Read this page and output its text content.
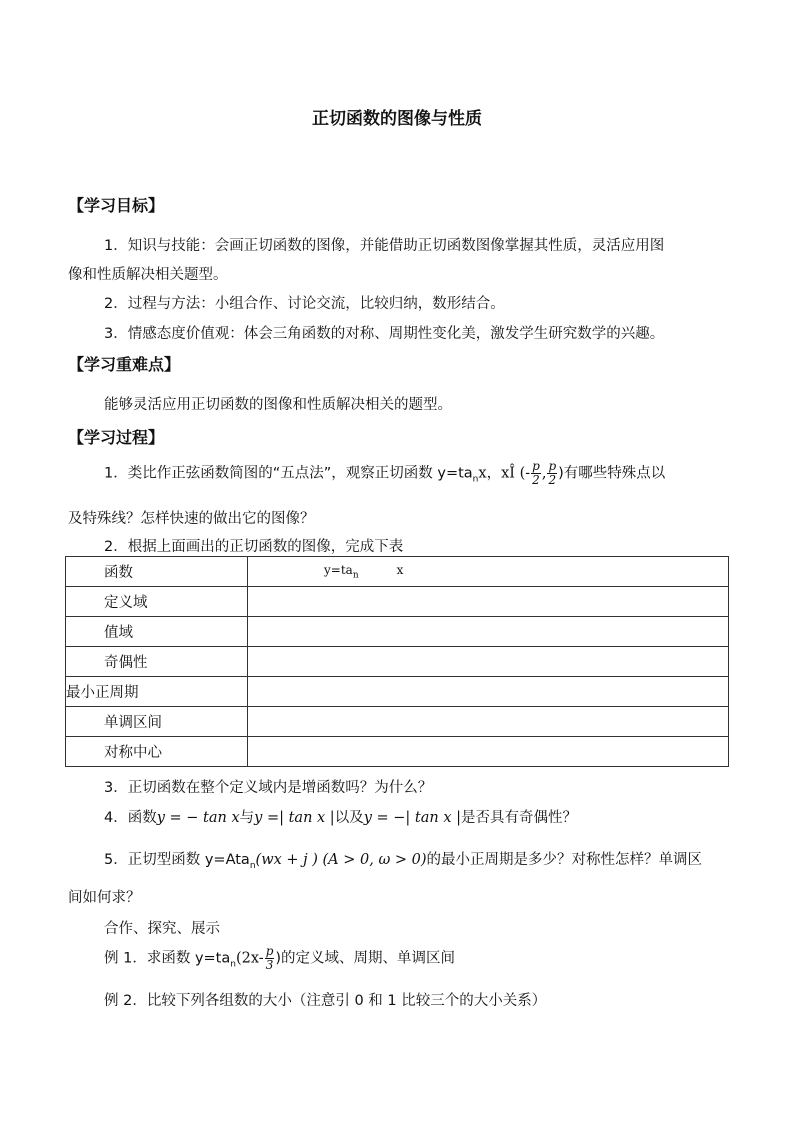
正切函数的图像与性质
【学习目标】
1．知识与技能：会画正切函数的图像，并能借助正切函数图像掌握其性质，灵活应用图
像和性质解决相关题型。
2．过程与方法：小组合作、讨论交流，比较归纳，数形结合。
3．情感态度价值观：体会三角函数的对称、周期性变化美，激发学生研究数学的兴趣。
【学习重难点】
能够灵活应用正切函数的图像和性质解决相关的题型。
【学习过程】
1．类比作正弦函数简图的“五点法”，观察正切函数 $y=ta_nx$，xÎ (- $\frac{p}{2}$ , $\frac{p}{2}$ )有哪些特殊点以
及特殊线？怎样快速的做出它的图像？
2．根据上面画出的正切函数的图像，完成下表
函数	$y=ta_n$ x
定义域	
值域	
奇偶性	
最小正周期	
单调区间	
对称中心	
3．正切函数在整个定义域内是增函数吗？为什么？
4．函数y = − tan x与y =| tan x |以及y = −| tan x |是否具有奇偶性？
5．正切型函数 y=Ata$_n$(wx + j ) (A > 0, ω > 0)的最小正周期是多少？对称性怎样？单调区
间如何求？
合作、探究、展示
例 1．求函数 $y=ta_n(2x- \frac{p}{3}$ )的定义域、周期、单调区间
例 2．比较下列各组数的大小（注意引 0 和 1 比较三个的大小关系）
